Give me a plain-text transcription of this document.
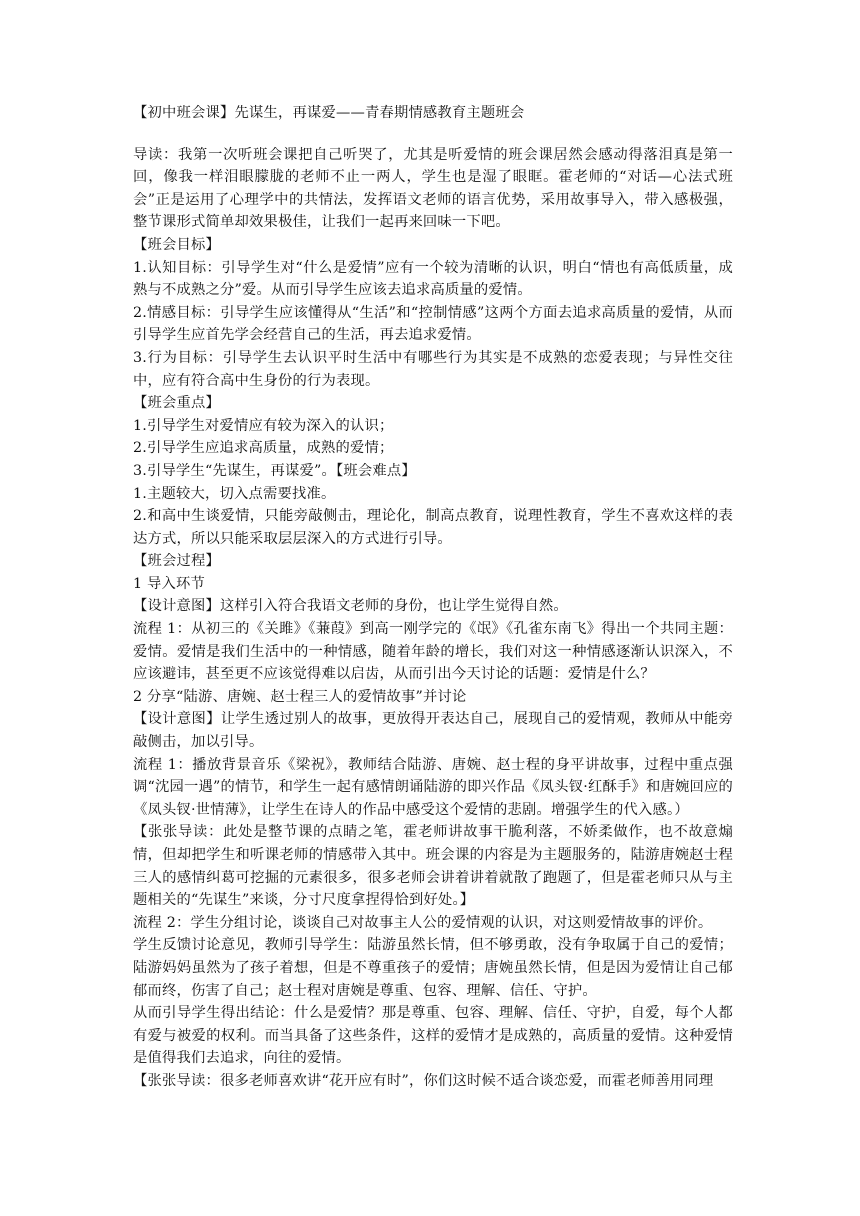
【初中班会课】先谋生，再谋爱——青春期情感教育主题班会

导读：我第一次听班会课把自己听哭了，尤其是听爱情的班会课居然会感动得落泪真是第一回，像我一样泪眼朦胧的老师不止一两人，学生也是湿了眼眶。霍老师的“对话—心法式班会”正是运用了心理学中的共情法，发挥语文老师的语言优势，采用故事导入，带入感极强，整节课形式简单却效果极佳，让我们一起再来回味一下吧。

【班会目标】

1.认知目标：引导学生对“什么是爱情”应有一个较为清晰的认识，明白“情也有高低质量，成熟与不成熟之分”爱。从而引导学生应该去追求高质量的爱情。

2.情感目标：引导学生应该懂得从“生活”和“控制情感”这两个方面去追求高质量的爱情，从而引导学生应首先学会经营自己的生活，再去追求爱情。

3.行为目标：引导学生去认识平时生活中有哪些行为其实是不成熟的恋爱表现；与异性交往中，应有符合高中生身份的行为表现。

【班会重点】

1.引导学生对爱情应有较为深入的认识；

2.引导学生应追求高质量，成熟的爱情；

3.引导学生“先谋生，再谋爱”。【班会难点】

1.主题较大，切入点需要找准。

2.和高中生谈爱情，只能旁敲侧击，理论化，制高点教育，说理性教育，学生不喜欢这样的表达方式，所以只能采取层层深入的方式进行引导。

【班会过程】

1 导入环节

【设计意图】这样引入符合我语文老师的身份，也让学生觉得自然。

流程 1：从初三的《关雎》《蒹葭》到高一刚学完的《氓》《孔雀东南飞》得出一个共同主题：爱情。爱情是我们生活中的一种情感，随着年龄的增长，我们对这一种情感逐渐认识深入，不应该避讳，甚至更不应该觉得难以启齿，从而引出今天讨论的话题：爱情是什么？

2 分享“陆游、唐婉、赵士程三人的爱情故事”并讨论

【设计意图】让学生透过别人的故事，更放得开表达自己，展现自己的爱情观，教师从中能旁敲侧击，加以引导。

流程 1：播放背景音乐《梁祝》，教师结合陆游、唐婉、赵士程的身平讲故事，过程中重点强调“沈园一遇”的情节，和学生一起有感情朗诵陆游的即兴作品《凤头钗·红酥手》和唐婉回应的《凤头钗·世情薄》，让学生在诗人的作品中感受这个爱情的悲剧。增强学生的代入感。）

【张张导读：此处是整节课的点睛之笔，霍老师讲故事干脆利落，不娇柔做作，也不故意煽情，但却把学生和听课老师的情感带入其中。班会课的内容是为主题服务的，陆游唐婉赵士程三人的感情纠葛可挖掘的元素很多，很多老师会讲着讲着就散了跑题了，但是霍老师只从与主题相关的“先谋生”来谈，分寸尺度拿捏得恰到好处。】

流程 2：学生分组讨论，谈谈自己对故事主人公的爱情观的认识，对这则爱情故事的评价。

学生反馈讨论意见，教师引导学生：陆游虽然长情，但不够勇敢，没有争取属于自己的爱情；陆游妈妈虽然为了孩子着想，但是不尊重孩子的爱情；唐婉虽然长情，但是因为爱情让自己郁郁而终，伤害了自己；赵士程对唐婉是尊重、包容、理解、信任、守护。

从而引导学生得出结论：什么是爱情？那是尊重、包容、理解、信任、守护，自爱，每个人都有爱与被爱的权利。而当具备了这些条件，这样的爱情才是成熟的，高质量的爱情。这种爱情是值得我们去追求，向往的爱情。

【张张导读：很多老师喜欢讲“花开应有时”，你们这时候不适合谈恋爱，而霍老师善用同理
